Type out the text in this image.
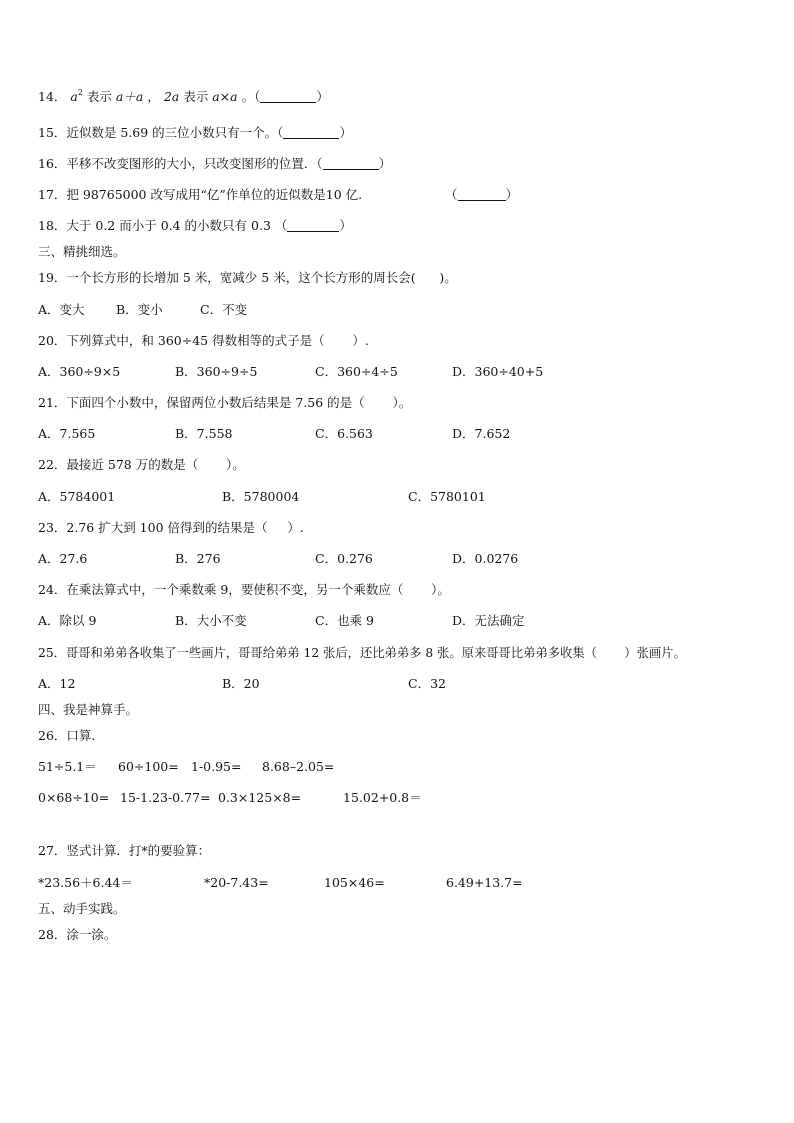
14． $a^2$ 表示 a＋a ， 2a 表示 a×a 。（	）
15．近似数是 5.69 的三位小数只有一个。（	）
16．平移不改变图形的大小，只改变图形的位置．（	）
17．把 98765000 改写成用“亿”作单位的近似数是10 亿.	（	）
18．大于 0.2 而小于 0.4 的小数只有 0.3 （	）
三、精挑细选。
19．一个长方形的长增加 5 米，宽减少 5 米，这个长方形的周长会(      )。
A．变大	B．变小	C．不变
20．下列算式中，和 360÷45 得数相等的式子是（       ）.
A．360÷9×5	B．360÷9÷5	C．360÷4÷5	D．360÷40+5
21．下面四个小数中，保留两位小数后结果是 7.56 的是（       ）。
A．7.565	B．7.558	C．6.563	D．7.652
22．最接近 578 万的数是（       ）。
A．5784001	B．5780004	C．5780101
23．2.76 扩大到 100 倍得到的结果是（     ）.
A．27.6	B．276	C．0.276	D．0.0276
24．在乘法算式中，一个乘数乘 9，要使积不变，另一个乘数应（       ）。
A．除以 9	B．大小不变	C．也乘 9	D．无法确定
25．哥哥和弟弟各收集了一些画片，哥哥给弟弟 12 张后，还比弟弟多 8 张。原来哥哥比弟弟多收集（       ）张画片。
A．12	B．20	C．32
四、我是神算手。
26．口算.
51÷5.1＝ 60÷100= 1-0.95= 8.68–2.05=
0×68÷10= 15-1.23-0.77= 0.3×125×8=	15.02+0.8＝
27．竖式计算．打*的要验算：
*23.56＋6.44＝	*20-7.43=	105×46=	6.49+13.7=
五、动手实践。
28．涂一涂。
